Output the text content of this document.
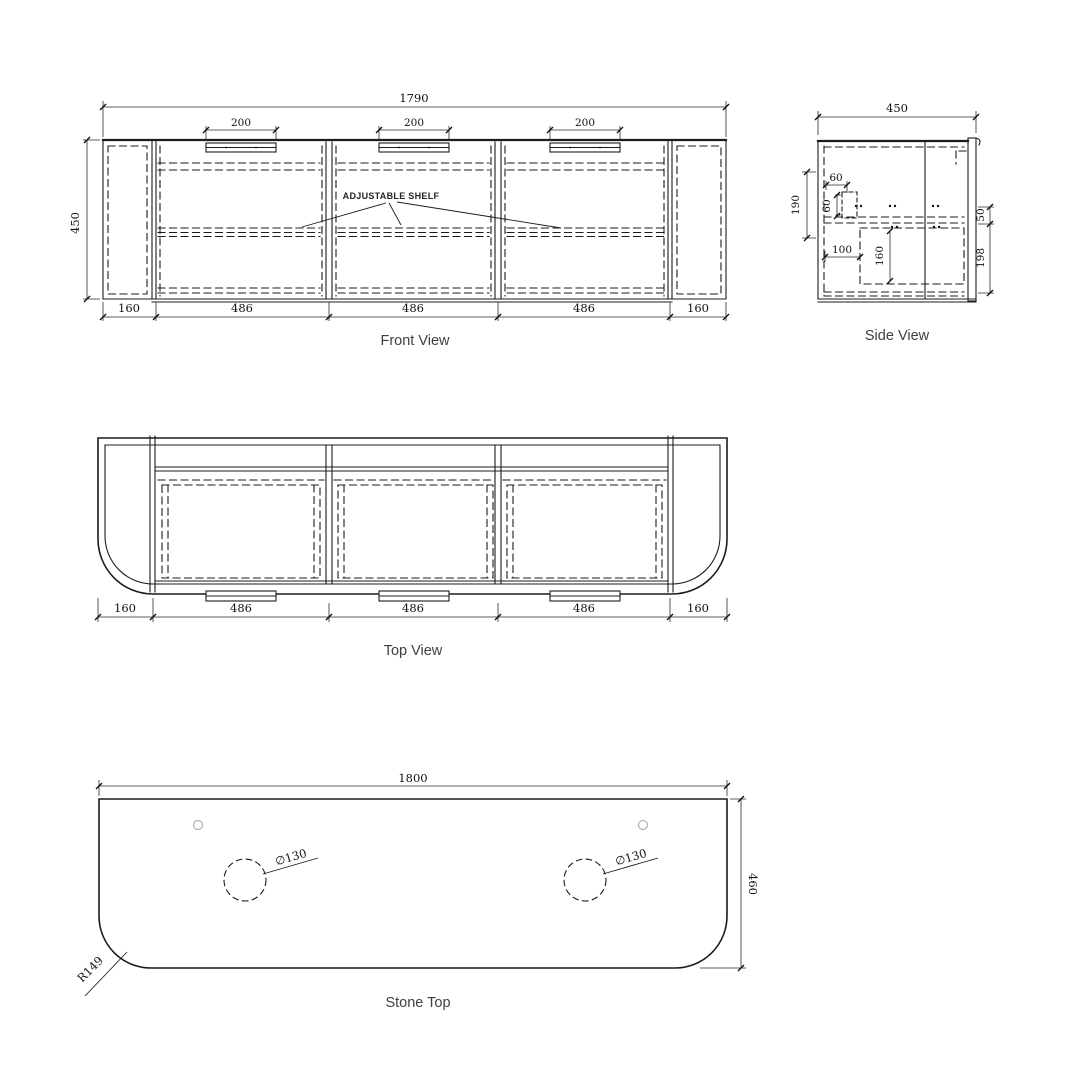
ADJUSTABLE SHELF
1790
200	200	200
450
160	486	486	486	160
Front View
450
190
60
60
100 160
50
198
Side View
160	486	486	486	160
Top View
∅130	∅130
R149
1800
460
Stone Top
